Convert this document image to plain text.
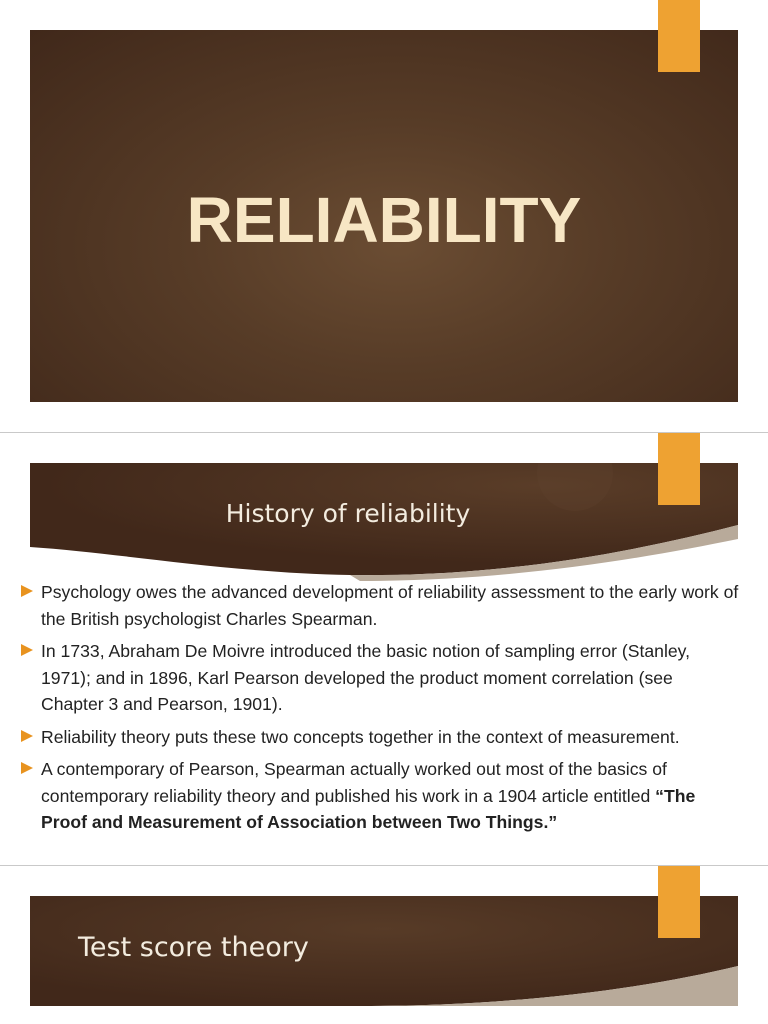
RELIABILITY
History of reliability
Psychology owes the advanced development of reliability assessment to the early work of the British psychologist Charles Spearman.
In 1733, Abraham De Moivre introduced the basic notion of sampling error (Stanley, 1971); and in 1896, Karl Pearson developed the product moment correlation (see Chapter 3 and Pearson, 1901).
Reliability theory puts these two concepts together in the context of measurement.
A contemporary of Pearson, Spearman actually worked out most of the basics of contemporary reliability theory and published his work in a 1904 article entitled “The Proof and Measurement of Association between Two Things.”
Test score theory
